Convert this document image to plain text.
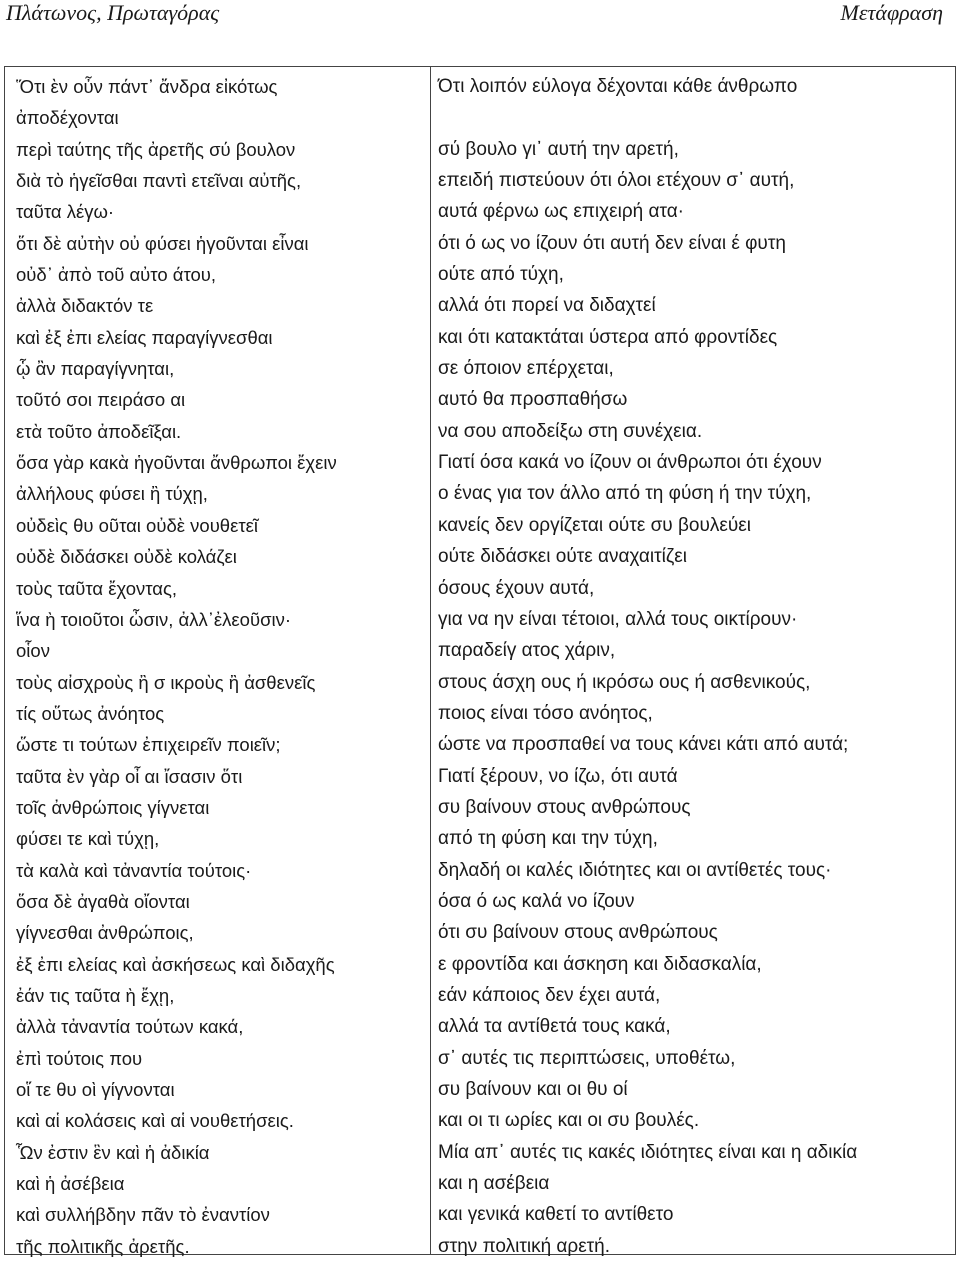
Πλάτωνος, Πρωταγόρας	Μετάφραση
Ὅτι ὲν οὖν πάντ᾽ ἄνδρα εἰκότως
ἀποδέχονται
περὶ ταύτης τῆς ἀρετῆς σύ βουλον
διὰ τὸ ἡγεῖσθαι παντὶ ετεῖναι αὐτῆς,
ταῦτα λέγω·
ὅτι δὲ αὐτὴν οὐ φύσει ἡγοῦνται εἶναι
οὐδ᾽ ἀπὸ τοῦ αὐτο άτου,
ἀλλὰ διδακτόν τε
καὶ ἐξ ἐπι ελείας παραγίγνεσθαι
ᾧ ἂν παραγίγνηται,
τοῦτό σοι πειράσο αι
ετὰ τοῦτο ἀποδεῖξαι.
ὅσα γὰρ κακὰ ἡγοῦνται ἄνθρωποι ἔχειν
ἀλλήλους φύσει ἢ τύχῃ,
οὐδεὶς θυ οῦται οὐδὲ νουθετεῖ
οὐδὲ διδάσκει οὐδὲ κολάζει
τοὺς ταῦτα ἔχοντας,
ἵνα ὴ τοιοῦτοι ὦσιν, ἀλλ᾽ἐλεοῦσιν·
οἷον
τοὺς αἰσχροὺς ἢ σ ικροὺς ἢ ἀσθενεῖς
τίς οὕτως ἀνόητος
ὥστε τι τούτων ἐπιχειρεῖν ποιεῖν;
ταῦτα ὲν γὰρ οἶ αι ἴσασιν ὅτι
τοῖς ἀνθρώποις γίγνεται
φύσει τε καὶ τύχῃ,
τὰ καλὰ καὶ τἀναντία τούτοις·
ὅσα δὲ ἀγαθὰ οἴονται
γίγνεσθαι ἀνθρώποις,
ἐξ ἐπι ελείας καὶ ἀσκήσεως καὶ διδαχῆς
ἐάν τις ταῦτα ὴ ἔχῃ,
ἀλλὰ τἀναντία τούτων κακά,
ἐπὶ τούτοις που
οἵ τε θυ οὶ γίγνονται
καὶ αἱ κολάσεις καὶ αἱ νουθετήσεις.
Ὧν ἐστιν ἓν καὶ ἡ ἀδικία
καὶ ἡ ἀσέβεια
καὶ συλλήβδην πᾶν τὸ ἐναντίον
τῆς πολιτικῆς ἀρετῆς.
Ότι λοιπόν εύλογα δέχονται κάθε άνθρωπο
σύ βουλο γι᾽ αυτή την αρετή,
επειδή πιστεύουν ότι όλοι ετέχουν σ᾽ αυτή,
αυτά φέρνω ως επιχειρή ατα·
ότι ό ως νο ίζουν ότι αυτή δεν είναι έ φυτη
ούτε από τύχη,
αλλά ότι πορεί να διδαχτεί
και ότι κατακτάται ύστερα από φροντίδες
σε όποιον επέρχεται,
αυτό θα προσπαθήσω
να σου αποδείξω στη συνέχεια.
Γιατί όσα κακά νο ίζουν οι άνθρωποι ότι έχουν
ο ένας για τον άλλο από τη φύση ή την τύχη,
κανείς δεν οργίζεται ούτε συ βουλεύει
ούτε διδάσκει ούτε αναχαιτίζει
όσους έχουν αυτά,
για να ην είναι τέτοιοι, αλλά τους οικτίρουν·
παραδείγ ατος χάριν,
στους άσχη ους ή ικρόσω ους ή ασθενικούς,
ποιος είναι τόσο ανόητος,
ώστε να προσπαθεί να τους κάνει κάτι από αυτά;
Γιατί ξέρουν, νο ίζω, ότι αυτά
συ βαίνουν στους ανθρώπους
από τη φύση και την τύχη,
δηλαδή οι καλές ιδιότητες και οι αντίθετές τους·
όσα ό ως καλά νο ίζουν
ότι συ βαίνουν στους ανθρώπους
ε φροντίδα και άσκηση και διδασκαλία,
εάν κάποιος δεν έχει αυτά,
αλλά τα αντίθετά τους κακά,
σ᾽ αυτές τις περιπτώσεις, υποθέτω,
συ βαίνουν και οι θυ οί
και οι τι ωρίες και οι συ βουλές.
Μία απ᾽ αυτές τις κακές ιδιότητες είναι και η αδικία
και η ασέβεια
και γενικά καθετί το αντίθετο
στην πολιτική αρετή.
